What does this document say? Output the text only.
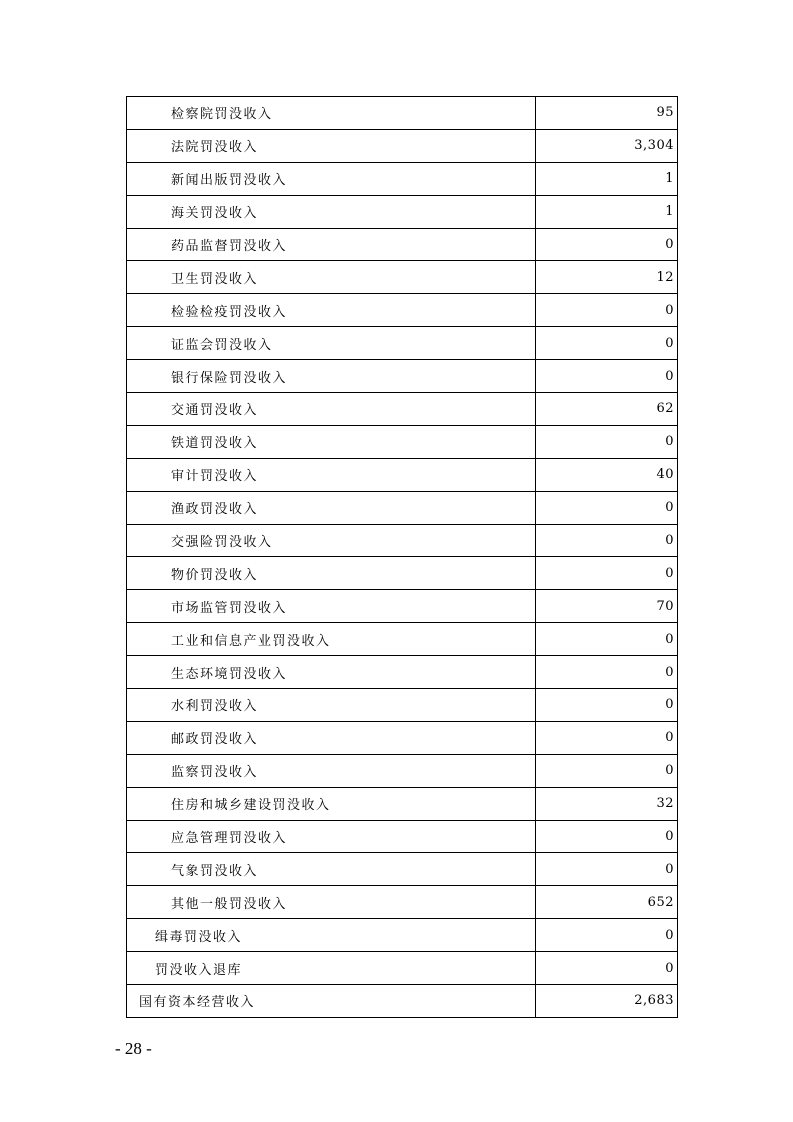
检察院罚没收入	95
法院罚没收入	3,304
新闻出版罚没收入	1
海关罚没收入	1
药品监督罚没收入	0
卫生罚没收入	12
检验检疫罚没收入	0
证监会罚没收入	0
银行保险罚没收入	0
交通罚没收入	62
铁道罚没收入	0
审计罚没收入	40
渔政罚没收入	0
交强险罚没收入	0
物价罚没收入	0
市场监管罚没收入	70
工业和信息产业罚没收入	0
生态环境罚没收入	0
水利罚没收入	0
邮政罚没收入	0
监察罚没收入	0
住房和城乡建设罚没收入	32
应急管理罚没收入	0
气象罚没收入	0
其他一般罚没收入	652
缉毒罚没收入	0
罚没收入退库	0
国有资本经营收入	2,683
- 28 -
